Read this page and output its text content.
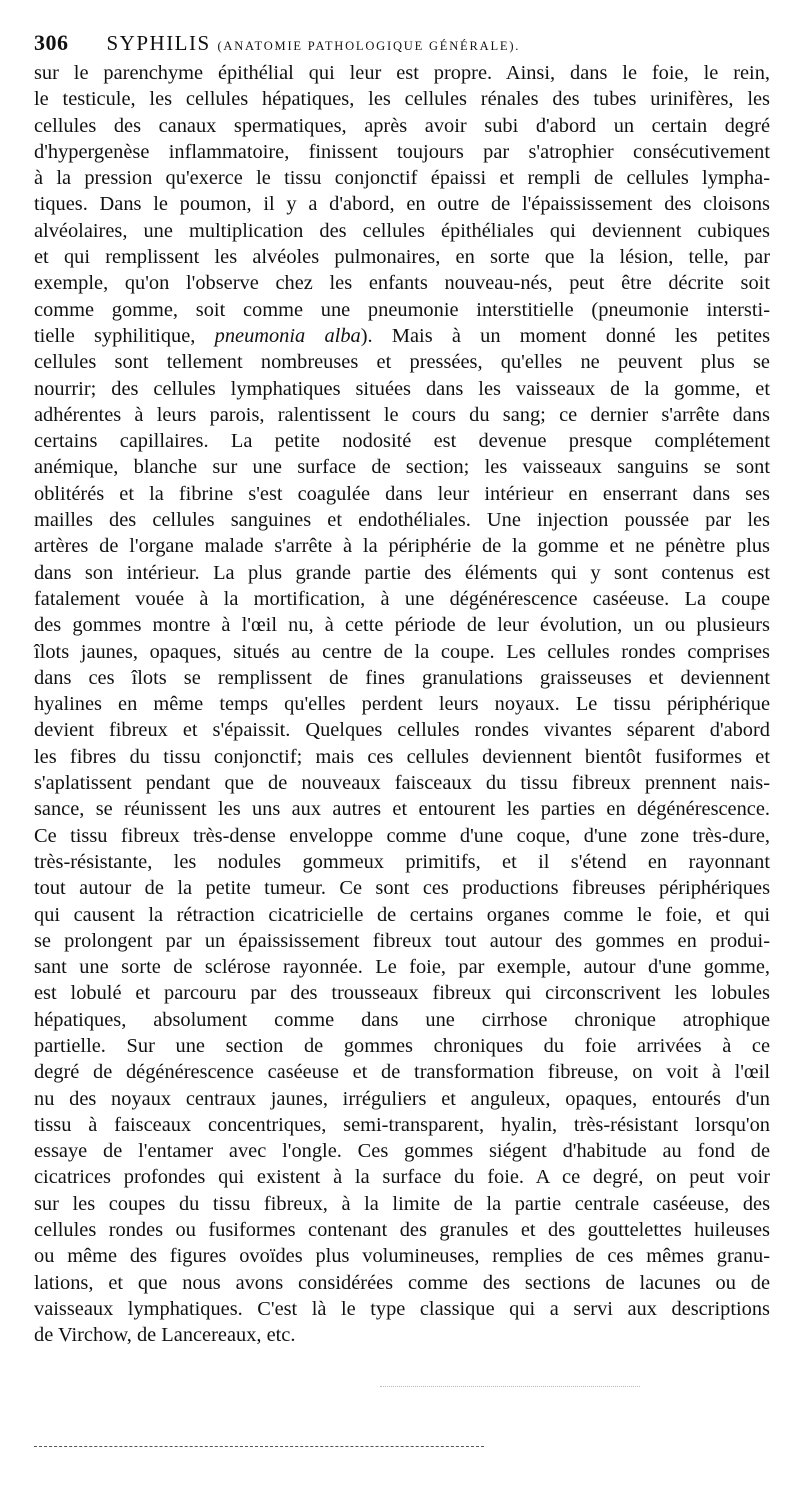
306 SYPHILIS (ANATOMIE PATHOLOGIQUE GÉNÉRALE).
sur le parenchyme épithélial qui leur est propre. Ainsi, dans le foie, le rein,
le testicule, les cellules hépatiques, les cellules rénales des tubes urinifères, les
cellules des canaux spermatiques, après avoir subi d'abord un certain degré
d'hypergenèse inflammatoire, finissent toujours par s'atrophier consécutivement
à la pression qu'exerce le tissu conjonctif épaissi et rempli de cellules lympha-
tiques. Dans le poumon, il y a d'abord, en outre de l'épaississement des cloisons
alvéolaires, une multiplication des cellules épithéliales qui deviennent cubiques
et qui remplissent les alvéoles pulmonaires, en sorte que la lésion, telle, par
exemple, qu'on l'observe chez les enfants nouveau-nés, peut être décrite soit
comme gomme, soit comme une pneumonie interstitielle (pneumonie intersti-
tielle syphilitique, pneumonia alba). Mais à un moment donné les petites
cellules sont tellement nombreuses et pressées, qu'elles ne peuvent plus se
nourrir; des cellules lymphatiques situées dans les vaisseaux de la gomme, et
adhérentes à leurs parois, ralentissent le cours du sang; ce dernier s'arrête dans
certains capillaires. La petite nodosité est devenue presque complétement
anémique, blanche sur une surface de section; les vaisseaux sanguins se sont
oblitérés et la fibrine s'est coagulée dans leur intérieur en enserrant dans ses
mailles des cellules sanguines et endothéliales. Une injection poussée par les
artères de l'organe malade s'arrête à la périphérie de la gomme et ne pénètre plus
dans son intérieur. La plus grande partie des éléments qui y sont contenus est
fatalement vouée à la mortification, à une dégénérescence caséeuse. La coupe
des gommes montre à l'œil nu, à cette période de leur évolution, un ou plusieurs
îlots jaunes, opaques, situés au centre de la coupe. Les cellules rondes comprises
dans ces îlots se remplissent de fines granulations graisseuses et deviennent
hyalines en même temps qu'elles perdent leurs noyaux. Le tissu périphérique
devient fibreux et s'épaissit. Quelques cellules rondes vivantes séparent d'abord
les fibres du tissu conjonctif; mais ces cellules deviennent bientôt fusiformes et
s'aplatissent pendant que de nouveaux faisceaux du tissu fibreux prennent nais-
sance, se réunissent les uns aux autres et entourent les parties en dégénérescence.
Ce tissu fibreux très-dense enveloppe comme d'une coque, d'une zone très-dure,
très-résistante, les nodules gommeux primitifs, et il s'étend en rayonnant
tout autour de la petite tumeur. Ce sont ces productions fibreuses périphériques
qui causent la rétraction cicatricielle de certains organes comme le foie, et qui
se prolongent par un épaississement fibreux tout autour des gommes en produi-
sant une sorte de sclérose rayonnée. Le foie, par exemple, autour d'une gomme,
est lobulé et parcouru par des trousseaux fibreux qui circonscrivent les lobules
hépatiques, absolument comme dans une cirrhose chronique atrophique
partielle. Sur une section de gommes chroniques du foie arrivées à ce
degré de dégénérescence caséeuse et de transformation fibreuse, on voit à l'œil
nu des noyaux centraux jaunes, irréguliers et anguleux, opaques, entourés d'un
tissu à faisceaux concentriques, semi-transparent, hyalin, très-résistant lorsqu'on
essaye de l'entamer avec l'ongle. Ces gommes siégent d'habitude au fond de
cicatrices profondes qui existent à la surface du foie. A ce degré, on peut voir
sur les coupes du tissu fibreux, à la limite de la partie centrale caséeuse, des
cellules rondes ou fusiformes contenant des granules et des gouttelettes huileuses
ou même des figures ovoïdes plus volumineuses, remplies de ces mêmes granu-
lations, et que nous avons considérées comme des sections de lacunes ou de
vaisseaux lymphatiques. C'est là le type classique qui a servi aux descriptions
de Virchow, de Lancereaux, etc.
